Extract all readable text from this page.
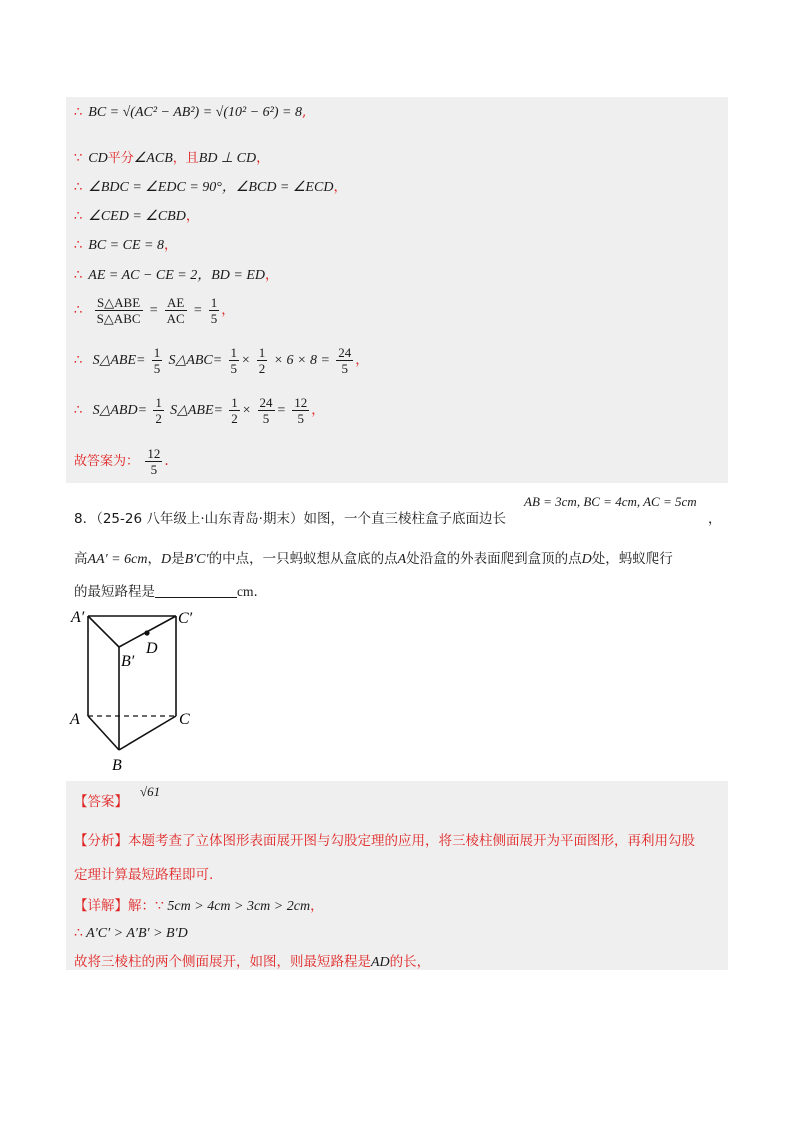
∴ BC = √(AC² − AB²) = √(10² − 6²) = 8,
∵ CD平分∠ACB，且BD ⊥ CD，
∴ ∠BDC = ∠EDC = 90°，∠BCD = ∠ECD，
∴ ∠CED = ∠CBD，
∴ BC = CE = 8，
∴ AE = AC − CE = 2，BD = ED，
∴ $\frac{\text{S△ABE}}{\text{S△ABC}} = \frac{AE}{AC} = \frac{1}{5}$ ，
∴ S△ABE= $\frac{1}{5}$ S△ABC= $\frac{1}{5} \times \frac{1}{2} \times 6 \times 8 = \frac{24}{5}$ ，
∴ S△ABD= $\frac{1}{2}$ S△ABE= $\frac{1}{2} \times \frac{24}{5} = \frac{12}{5}$ ，
故答案为： $\frac{12}{5}$ .
8．（25-26 八年级上·山东青岛·期末）如图，一个直三棱柱盒子底面边长
AB = 3cm, BC = 4cm, AC = 5cm
，
高AA′ = 6cm，D是B′C′的中点，一只蚂蚁想从盒底的点A处沿盒的外表面爬到盒顶的点D处，蚂蚁爬行
的最短路程是	cm.
A′	C′
B′
D
A	C
B
【答案】
√61
【分析】本题考查了立体图形表面展开图与勾股定理的应用，将三棱柱侧面展开为平面图形，再利用勾股
定理计算最短路程即可.
【详解】解：∵ 5cm > 4cm > 3cm > 2cm，
∴ A′C′ > A′B′ > B′D
故将三棱柱的两个侧面展开，如图，则最短路程是AD的长，
